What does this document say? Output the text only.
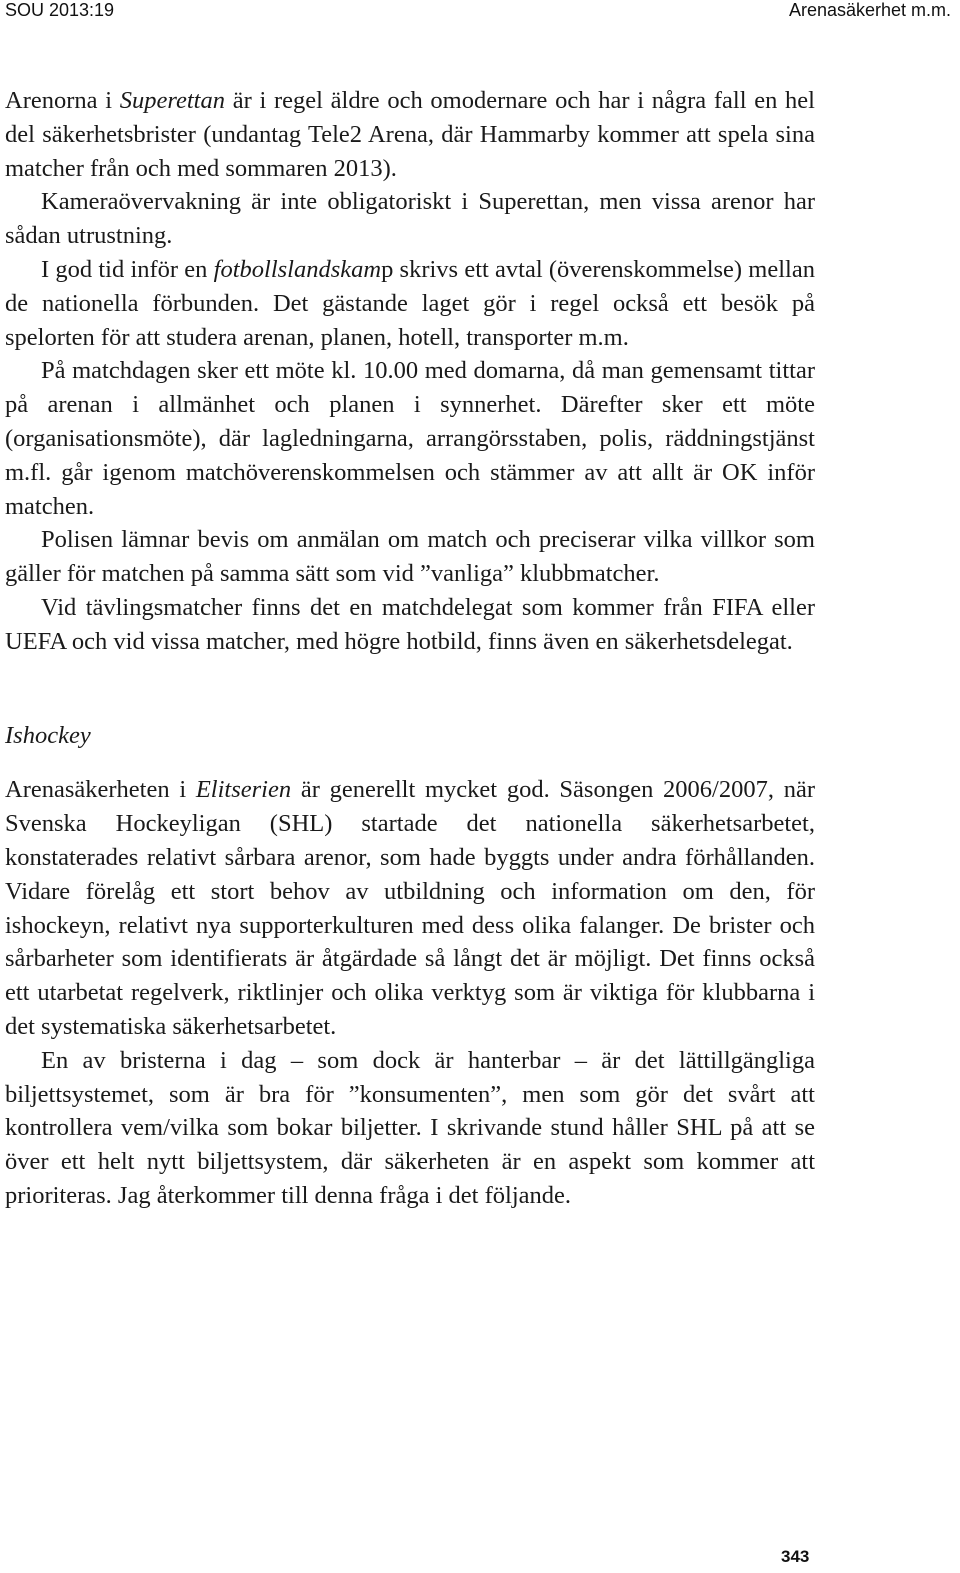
SOU 2013:19	Arenasäkerhet m.m.

Arenorna i Superettan är i regel äldre och omodernare och har i några fall en hel del säkerhetsbrister (undantag Tele2 Arena, där Hammarby kommer att spela sina matcher från och med sommaren 2013).

Kameraövervakning är inte obligatoriskt i Superettan, men vissa arenor har sådan utrustning.

I god tid inför en fotbollslandskamp skrivs ett avtal (överenskommelse) mellan de nationella förbunden. Det gästande laget gör i regel också ett besök på spelorten för att studera arenan, planen, hotell, transporter m.m.

På matchdagen sker ett möte kl. 10.00 med domarna, då man gemensamt tittar på arenan i allmänhet och planen i synnerhet. Därefter sker ett möte (organisationsmöte), där lagledningarna, arrangörsstaben, polis, räddningstjänst m.fl. går igenom matchöverenskommelsen och stämmer av att allt är OK inför matchen.

Polisen lämnar bevis om anmälan om match och preciserar vilka villkor som gäller för matchen på samma sätt som vid ”vanliga” klubbmatcher.

Vid tävlingsmatcher finns det en matchdelegat som kommer från FIFA eller UEFA och vid vissa matcher, med högre hotbild, finns även en säkerhetsdelegat.

Ishockey

Arenasäkerheten i Elitserien är generellt mycket god. Säsongen 2006/2007, när Svenska Hockeyligan (SHL) startade det nationella säkerhetsarbetet, konstaterades relativt sårbara arenor, som hade byggts under andra förhållanden. Vidare förelåg ett stort behov av utbildning och information om den, för ishockeyn, relativt nya supporterkulturen med dess olika falanger. De brister och sårbarheter som identifierats är åtgärdade så långt det är möjligt. Det finns också ett utarbetat regelverk, riktlinjer och olika verktyg som är viktiga för klubbarna i det systematiska säkerhetsarbetet.

En av bristerna i dag – som dock är hanterbar – är det lättillgängliga biljettsystemet, som är bra för ”konsumenten”, men som gör det svårt att kontrollera vem/vilka som bokar biljetter. I skrivande stund håller SHL på att se över ett helt nytt biljettsystem, där säkerheten är en aspekt som kommer att prioriteras. Jag återkommer till denna fråga i det följande.

343
